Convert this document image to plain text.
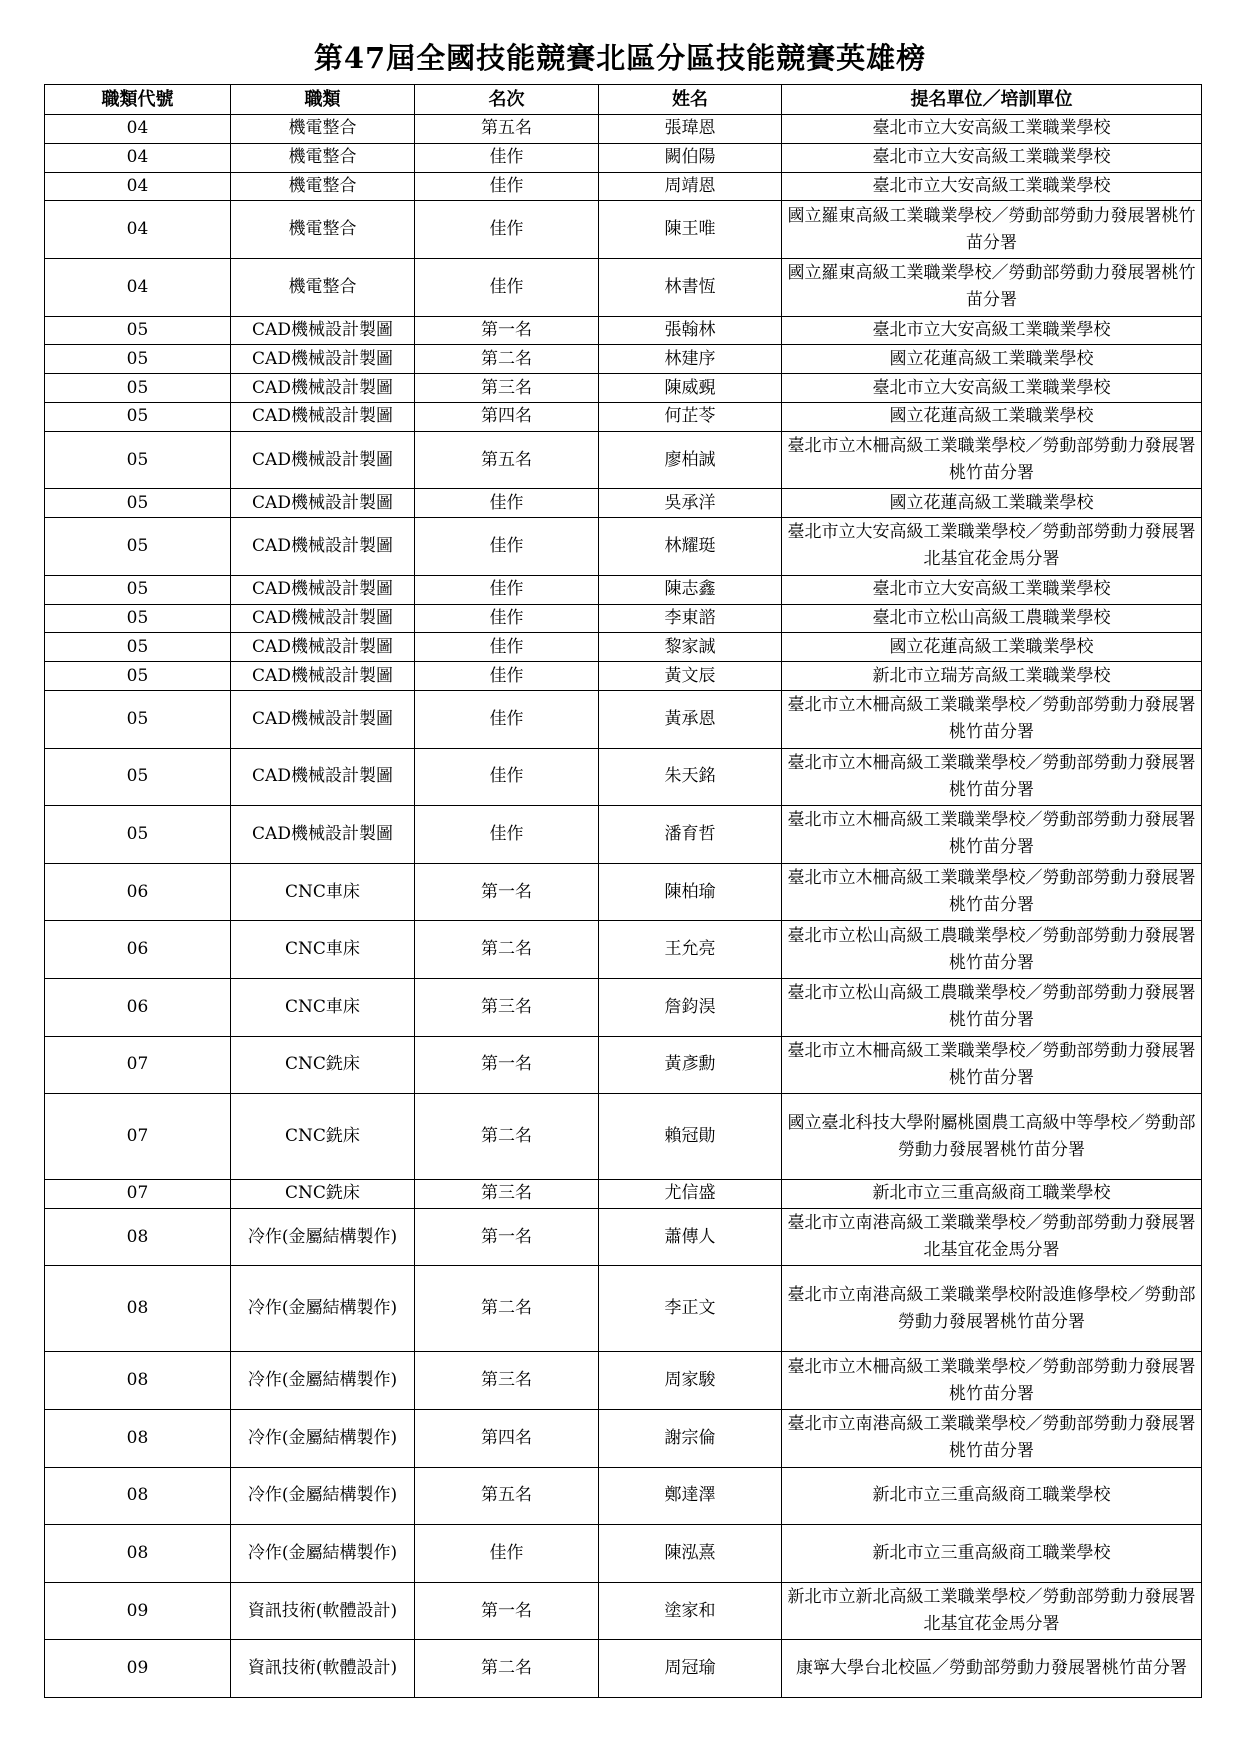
第47屆全國技能競賽北區分區技能競賽英雄榜
職類代號	職類	名次	姓名	提名單位／培訓單位
04	機電整合	第五名	張瑋恩	臺北市立大安高級工業職業學校
04	機電整合	佳作	闕伯陽	臺北市立大安高級工業職業學校
04	機電整合	佳作	周靖恩	臺北市立大安高級工業職業學校
04	機電整合	佳作	陳王唯	國立羅東高級工業職業學校／勞動部勞動力發展署桃竹苗分署
04	機電整合	佳作	林書恆	國立羅東高級工業職業學校／勞動部勞動力發展署桃竹苗分署
05	CAD機械設計製圖	第一名	張翰林	臺北市立大安高級工業職業學校
05	CAD機械設計製圖	第二名	林建序	國立花蓮高級工業職業學校
05	CAD機械設計製圖	第三名	陳威覡	臺北市立大安高級工業職業學校
05	CAD機械設計製圖	第四名	何芷苓	國立花蓮高級工業職業學校
05	CAD機械設計製圖	第五名	廖柏誠	臺北市立木柵高級工業職業學校／勞動部勞動力發展署桃竹苗分署
05	CAD機械設計製圖	佳作	吳承洋	國立花蓮高級工業職業學校
05	CAD機械設計製圖	佳作	林耀珽	臺北市立大安高級工業職業學校／勞動部勞動力發展署北基宜花金馬分署
05	CAD機械設計製圖	佳作	陳志鑫	臺北市立大安高級工業職業學校
05	CAD機械設計製圖	佳作	李東諮	臺北市立松山高級工農職業學校
05	CAD機械設計製圖	佳作	黎家誠	國立花蓮高級工業職業學校
05	CAD機械設計製圖	佳作	黃文辰	新北市立瑞芳高級工業職業學校
05	CAD機械設計製圖	佳作	黃承恩	臺北市立木柵高級工業職業學校／勞動部勞動力發展署桃竹苗分署
05	CAD機械設計製圖	佳作	朱天銘	臺北市立木柵高級工業職業學校／勞動部勞動力發展署桃竹苗分署
05	CAD機械設計製圖	佳作	潘育哲	臺北市立木柵高級工業職業學校／勞動部勞動力發展署桃竹苗分署
06	CNC車床	第一名	陳柏瑜	臺北市立木柵高級工業職業學校／勞動部勞動力發展署桃竹苗分署
06	CNC車床	第二名	王允亮	臺北市立松山高級工農職業學校／勞動部勞動力發展署桃竹苗分署
06	CNC車床	第三名	詹鈞淏	臺北市立松山高級工農職業學校／勞動部勞動力發展署桃竹苗分署
07	CNC銑床	第一名	黃彥勳	臺北市立木柵高級工業職業學校／勞動部勞動力發展署桃竹苗分署
07	CNC銑床	第二名	賴冠勛	國立臺北科技大學附屬桃園農工高級中等學校／勞動部勞動力發展署桃竹苗分署
07	CNC銑床	第三名	尤信盛	新北市立三重高級商工職業學校
08	冷作(金屬結構製作)	第一名	蕭傳人	臺北市立南港高級工業職業學校／勞動部勞動力發展署北基宜花金馬分署
08	冷作(金屬結構製作)	第二名	李正文	臺北市立南港高級工業職業學校附設進修學校／勞動部勞動力發展署桃竹苗分署
08	冷作(金屬結構製作)	第三名	周家駿	臺北市立木柵高級工業職業學校／勞動部勞動力發展署桃竹苗分署
08	冷作(金屬結構製作)	第四名	謝宗倫	臺北市立南港高級工業職業學校／勞動部勞動力發展署桃竹苗分署
08	冷作(金屬結構製作)	第五名	鄭達澤	新北市立三重高級商工職業學校
08	冷作(金屬結構製作)	佳作	陳泓熹	新北市立三重高級商工職業學校
09	資訊技術(軟體設計)	第一名	塗家和	新北市立新北高級工業職業學校／勞動部勞動力發展署北基宜花金馬分署
09	資訊技術(軟體設計)	第二名	周冠瑜	康寧大學台北校區／勞動部勞動力發展署桃竹苗分署
